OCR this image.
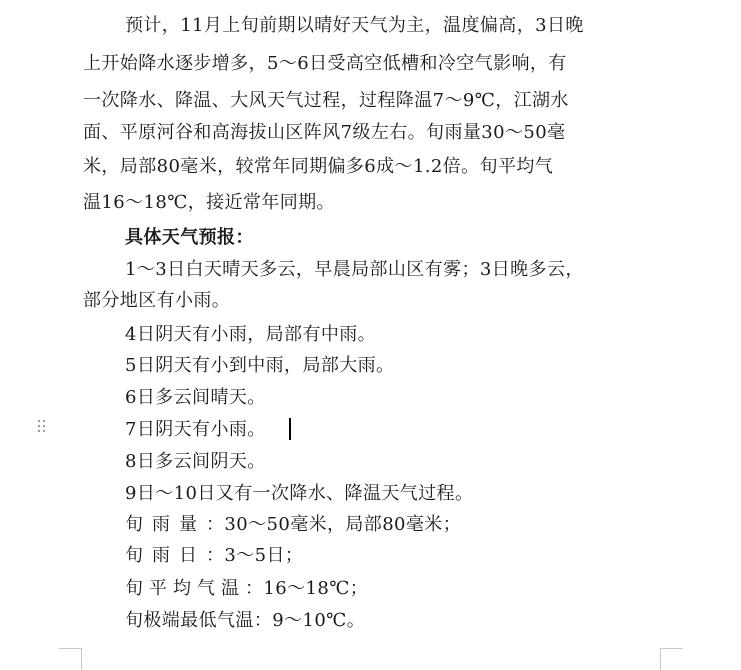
预计，11月上旬前期以晴好天气为主，温度偏高，3日晚
上开始降水逐步增多，5～6日受高空低槽和冷空气影响，有
一次降水、降温、大风天气过程，过程降温7～9℃，江湖水
面、平原河谷和高海拔山区阵风7级左右。旬雨量30～50毫
米，局部80毫米，较常年同期偏多6成～1.2倍。旬平均气
温16～18℃，接近常年同期。
具体天气预报：
1～3日白天晴天多云，早晨局部山区有雾；3日晚多云，
部分地区有小雨。
4日阴天有小雨，局部有中雨。
5日阴天有小到中雨，局部大雨。
6日多云间晴天。
7日阴天有小雨。
8日多云间阴天。
9日～10日又有一次降水、降温天气过程。
旬雨量：30～50毫米，局部80毫米；
旬雨日：3～5日；
旬平均气温：16～18℃；
旬极端最低气温：9～10℃。
